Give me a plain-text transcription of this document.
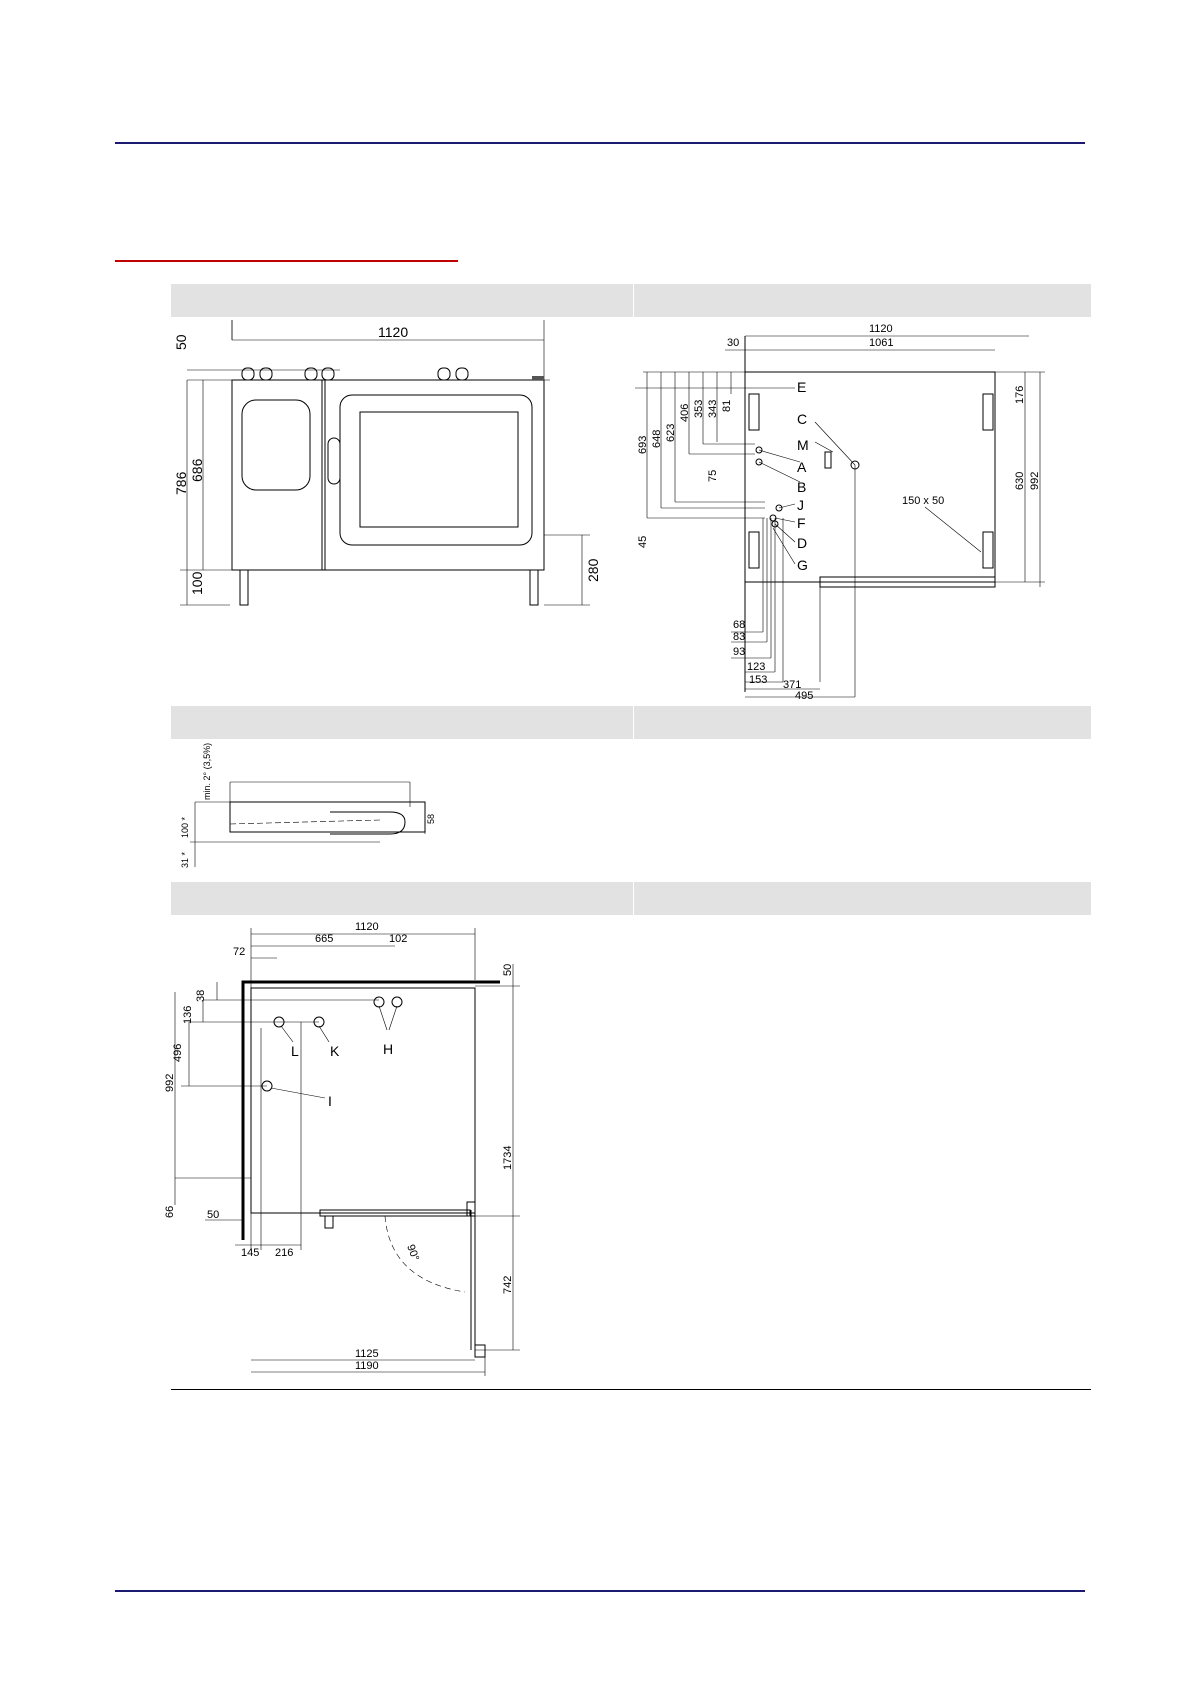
1120
50
786
686
100
280
1120
1061
30
176
630 992
150 x 50
693 648 623
406 353 343 81
75
45
E
C
M
A
B
J
F
D
G
68
83
93
123
153 371
495
min. 2° (3,5%)
100 *
31 *
58
1120
665	102
72
90°
L K	H
I
38
136
496
992
66	50
145 216
50
1734
742
1125
1190
